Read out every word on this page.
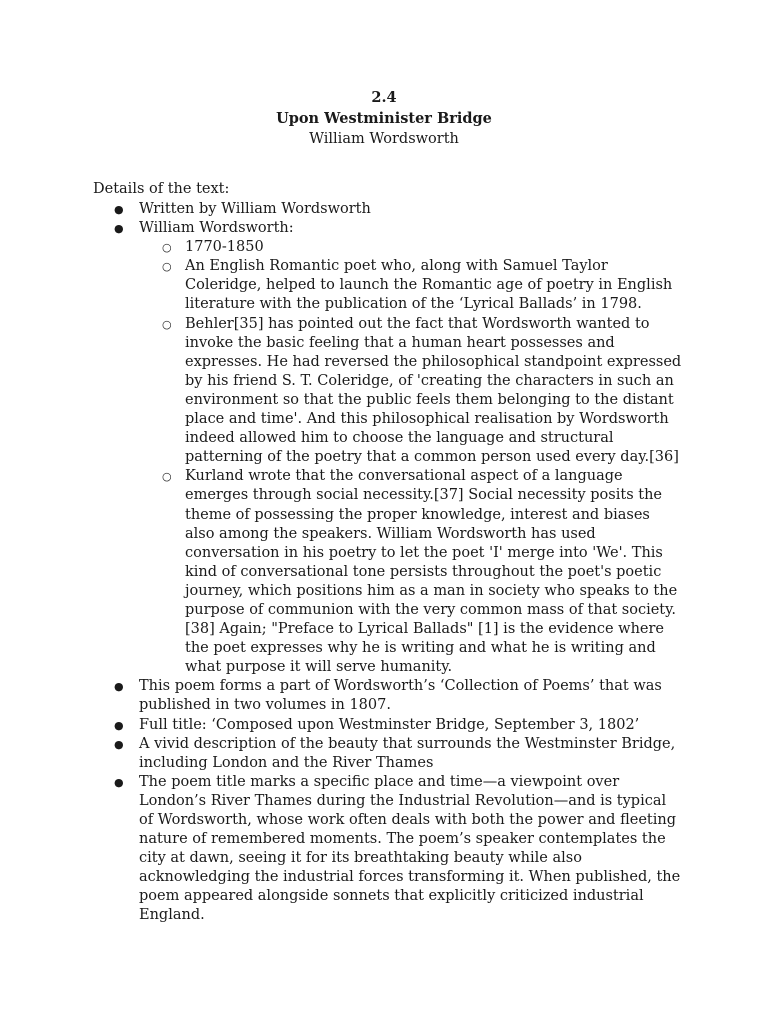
2.4
Upon Westminister Bridge
William Wordsworth
Details of the text:
● Written by William Wordsworth
● William Wordsworth:
○ 1770-1850
○ An English Romantic poet who, along with Samuel Taylor Coleridge, helped to launch the Romantic age of poetry in English literature with the publication of the ‘Lyrical Ballads’ in 1798.
○ Behler[35] has pointed out the fact that Wordsworth wanted to invoke the basic feeling that a human heart possesses and expresses. He had reversed the philosophical standpoint expressed by his friend S. T. Coleridge, of 'creating the characters in such an environment so that the public feels them belonging to the distant place and time'. And this philosophical realisation by Wordsworth indeed allowed him to choose the language and structural patterning of the poetry that a common person used every day.[36]
○ Kurland wrote that the conversational aspect of a language emerges through social necessity.[37] Social necessity posits the theme of possessing the proper knowledge, interest and biases also among the speakers. William Wordsworth has used conversation in his poetry to let the poet 'I' merge into 'We'. This kind of conversational tone persists throughout the poet's poetic journey, which positions him as a man in society who speaks to the purpose of communion with the very common mass of that society.[38] Again; "Preface to Lyrical Ballads" [1] is the evidence where the poet expresses why he is writing and what he is writing and what purpose it will serve humanity.
● This poem forms a part of Wordsworth’s ‘Collection of Poems’ that was published in two volumes in 1807.
● Full title: ‘Composed upon Westminster Bridge, September 3, 1802’
● A vivid description of the beauty that surrounds the Westminster Bridge, including London and the River Thames
● The poem title marks a specific place and time—a viewpoint over London’s River Thames during the Industrial Revolution—and is typical of Wordsworth, whose work often deals with both the power and fleeting nature of remembered moments. The poem’s speaker contemplates the city at dawn, seeing it for its breathtaking beauty while also acknowledging the industrial forces transforming it. When published, the poem appeared alongside sonnets that explicitly criticized industrial England.
